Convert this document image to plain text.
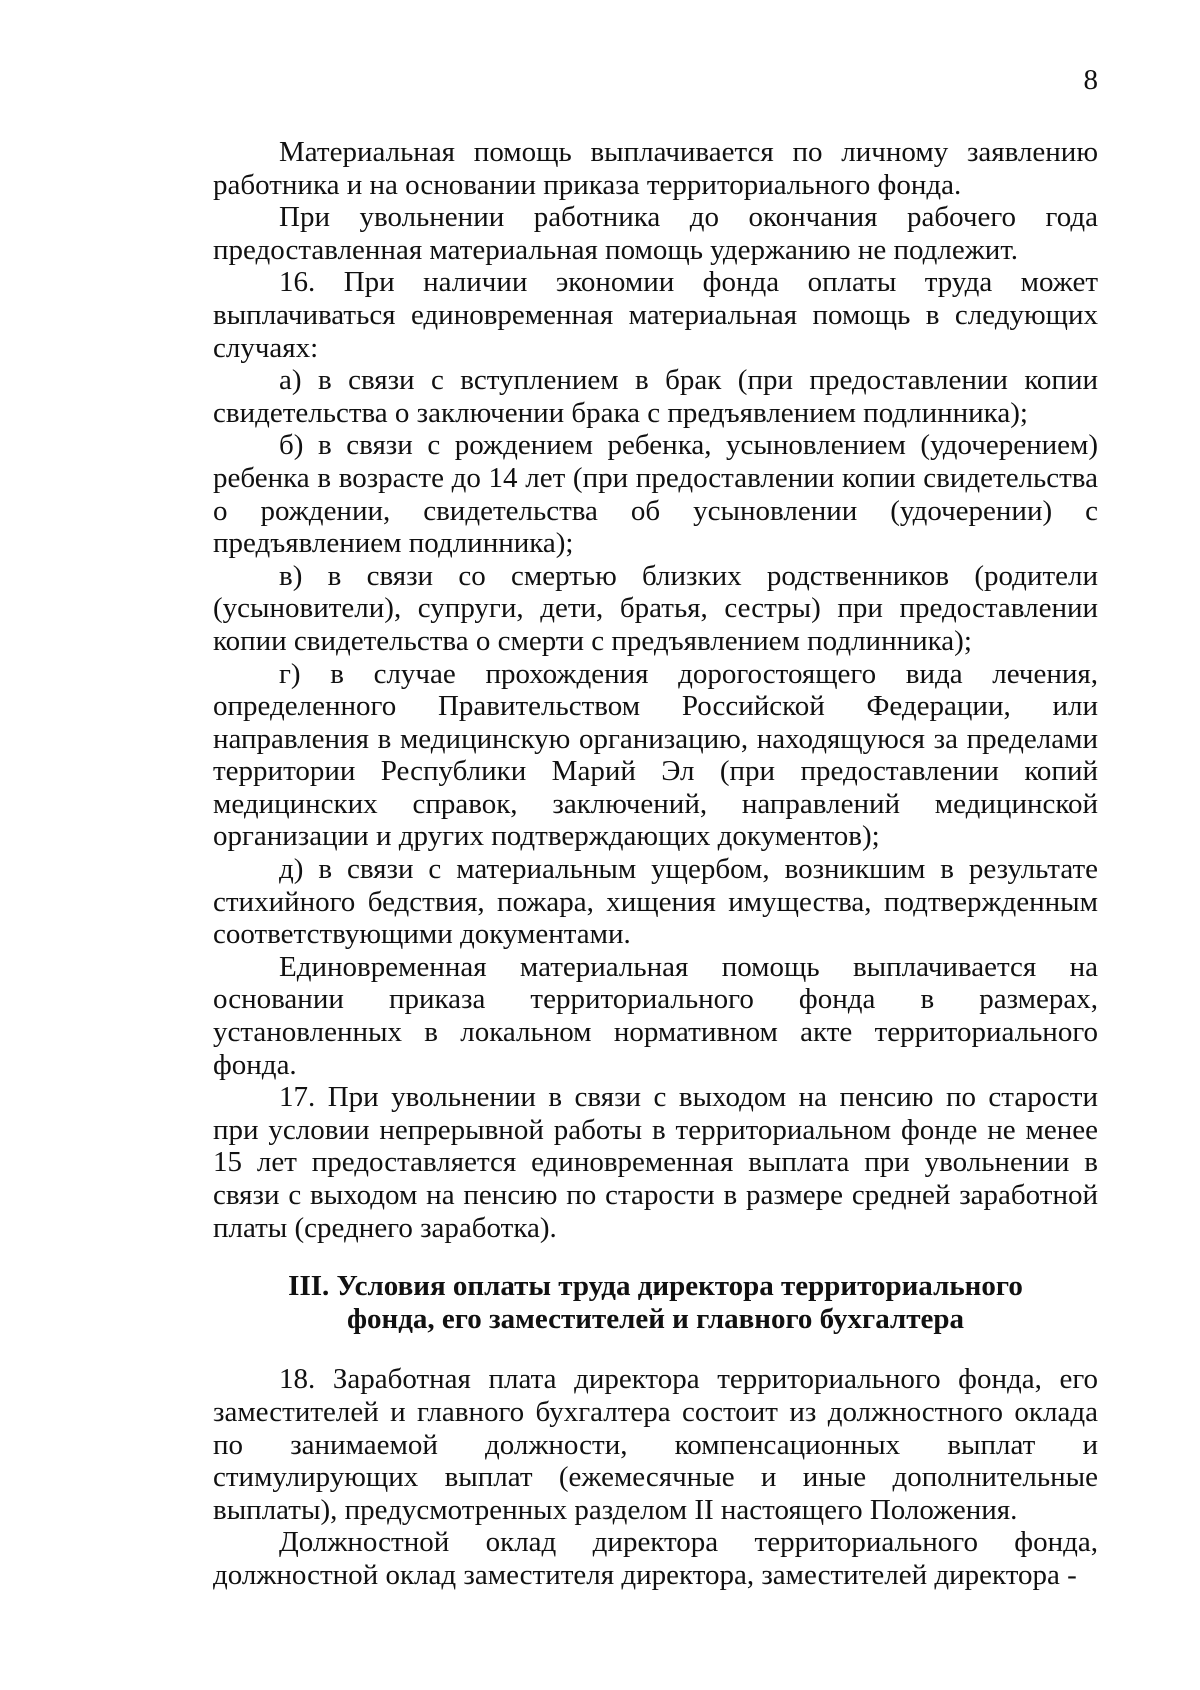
8

Материальная помощь выплачивается по личному заявлению работника и на основании приказа территориального фонда.

При увольнении работника до окончания рабочего года предоставленная материальная помощь удержанию не подлежит.

16. При наличии экономии фонда оплаты труда может выплачиваться единовременная материальная помощь в следующих случаях:

а) в связи с вступлением в брак (при предоставлении копии свидетельства о заключении брака с предъявлением подлинника);

б) в связи с рождением ребенка, усыновлением (удочерением) ребенка в возрасте до 14 лет (при предоставлении копии свидетельства о рождении, свидетельства об усыновлении (удочерении) с предъявлением подлинника);

в) в связи со смертью близких родственников (родители (усыновители), супруги, дети, братья, сестры) при предоставлении копии свидетельства о смерти с предъявлением подлинника);

г) в случае прохождения дорогостоящего вида лечения, определенного Правительством Российской Федерации, или направления в медицинскую организацию, находящуюся за пределами территории Республики Марий Эл (при предоставлении копий медицинских справок, заключений, направлений медицинской организации и других подтверждающих документов);

д) в связи с материальным ущербом, возникшим в результате стихийного бедствия, пожара, хищения имущества, подтвержденным соответствующими документами.

Единовременная материальная помощь выплачивается на основании приказа территориального фонда в размерах, установленных в локальном нормативном акте территориального фонда.

17. При увольнении в связи с выходом на пенсию по старости при условии непрерывной работы в территориальном фонде не менее 15 лет предоставляется единовременная выплата при увольнении в связи с выходом на пенсию по старости в размере средней заработной платы (среднего заработка).

III. Условия оплаты труда директора территориального фонда, его заместителей и главного бухгалтера

18. Заработная плата директора территориального фонда, его заместителей и главного бухгалтера состоит из должностного оклада по занимаемой должности, компенсационных выплат и стимулирующих выплат (ежемесячные и иные дополнительные выплаты), предусмотренных разделом II настоящего Положения.

Должностной оклад директора территориального фонда, должностной оклад заместителя директора, заместителей директора -
